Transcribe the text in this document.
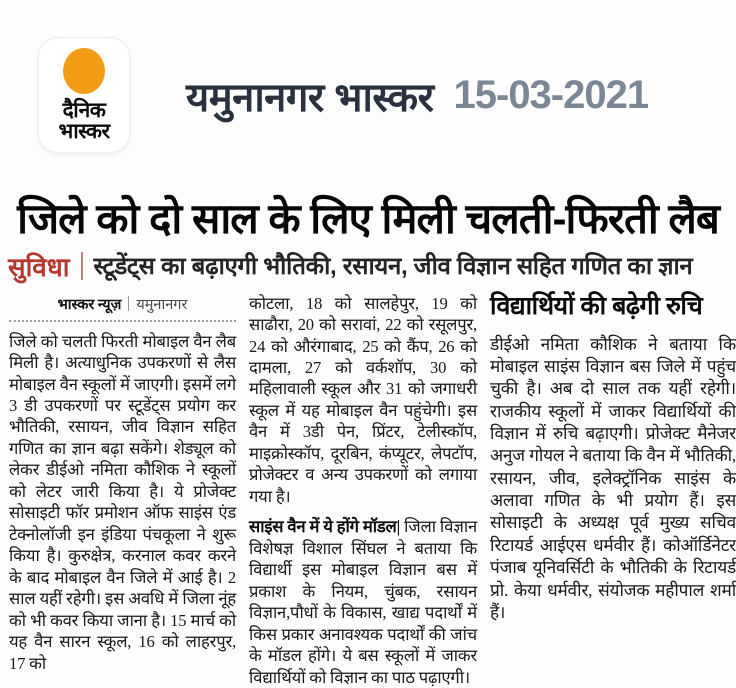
दैनिक
भास्कर
यमुनानगर भास्कर 15-03-2021
जिले को दो साल के लिए मिली चलती-फिरती लैब
सुविधा स्टूडेंट्स का बढ़ाएगी भौतिकी, रसायन, जीव विज्ञान सहित गणित का ज्ञान
भास्कर न्यूज़ यमुनानगर

जिले को चलती फिरती मोबाइल वैन लैब मिली है। अत्याधुनिक उपकरणों से लैस मोबाइल वैन स्कूलों में जाएगी। इसमें लगे 3 डी उपकरणों पर स्टूडेंट्स प्रयोग कर भौतिकी, रसायन, जीव विज्ञान सहित गणित का ज्ञान बढ़ा सकेंगे। शेड्यूल को लेकर डीईओ नमिता कौशिक ने स्कूलों को लेटर जारी किया है। ये प्रोजेक्ट सोसाइटी फॉर प्रमोशन ऑफ साइंस एंड टेक्नोलॉजी इन इंडिया पंचकूला ने शुरू किया है। कुरुक्षेत्र, करनाल कवर करने के बाद मोबाइल वैन जिले में आई है। 2 साल यहीं रहेगी। इस अवधि में जिला नूंह को भी कवर किया जाना है। 15 मार्च को यह वैन सारन स्कूल, 16 को लाहरपुर, 17 को

कोटला, 18 को सालहेपुर, 19 को साढौरा, 20 को सरावां, 22 को रसूलपुर, 24 को औरंगाबाद, 25 को कैंप, 26 को दामला, 27 को वर्कशॉप, 30 को महिलावाली स्कूल और 31 को जगाधरी स्कूल में यह मोबाइल वैन पहुंचेगी। इस वैन में 3डी पेन, प्रिंटर, टेलीस्कॉप, माइक्रोस्कॉप, दूरबिन, कंप्यूटर, लेपटॉप, प्रोजेक्टर व अन्य उपकरणों को लगाया गया है।

साइंस वैन में ये होंगे मॉडल| जिला विज्ञान विशेषज्ञ विशाल सिंघल ने बताया कि विद्यार्थी इस मोबाइल विज्ञान बस में प्रकाश के नियम, चुंबक, रसायन विज्ञान,पौधों के विकास, खाद्य पदार्थों में किस प्रकार अनावश्यक पदार्थों की जांच के मॉडल होंगे। ये बस स्कूलों में जाकर विद्यार्थियों को विज्ञान का पाठ पढ़ाएगी।

विद्यार्थियों की बढ़ेगी रुचि

डीईओ नमिता कौशिक ने बताया कि मोबाइल साइंस विज्ञान बस जिले में पहुंच चुकी है। अब दो साल तक यहीं रहेगी। राजकीय स्कूलों में जाकर विद्यार्थियों की विज्ञान में रुचि बढ़ाएगी। प्रोजेक्ट मैनेजर अनुज गोयल ने बताया कि वैन में भौतिकी, रसायन, जीव, इलेक्ट्रॉनिक साइंस के अलावा गणित के भी प्रयोग हैं। इस सोसाइटी के अध्यक्ष पूर्व मुख्य सचिव रिटायर्ड आईएस धर्मवीर हैं। कोऑर्डिनेटर पंजाब यूनिवर्सिटी के भौतिकी के रिटायर्ड प्रो. केया धर्मवीर, संयोजक महीपाल शर्मा हैं।
